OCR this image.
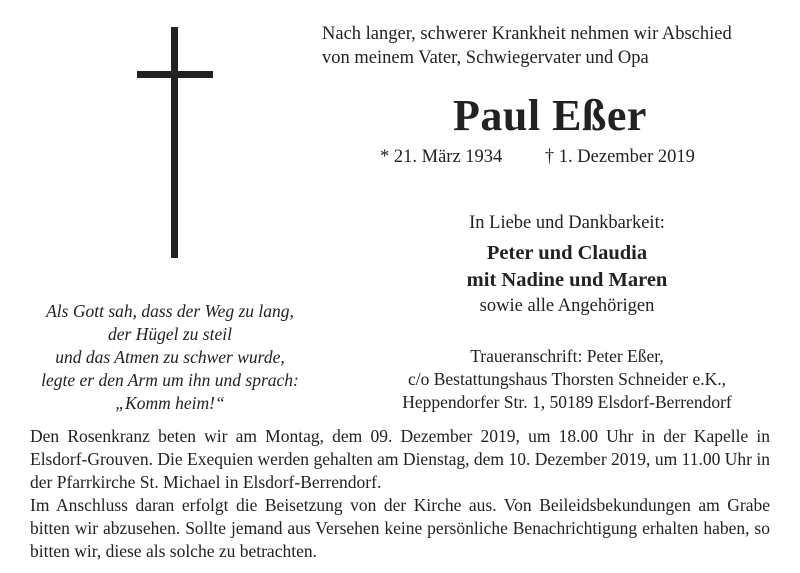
Nach langer, schwerer Krankheit nehmen wir Abschied
von meinem Vater, Schwiegervater und Opa
Paul Eßer
* 21. März 1934 † 1. Dezember 2019
In Liebe und Dankbarkeit:
Peter und Claudia
mit Nadine und Maren
sowie alle Angehörigen
Als Gott sah, dass der Weg zu lang,
der Hügel zu steil
und das Atmen zu schwer wurde,
legte er den Arm um ihn und sprach:
„Komm heim!“
Traueranschrift: Peter Eßer,
c/o Bestattungshaus Thorsten Schneider e.K.,
Heppendorfer Str. 1, 50189 Elsdorf-Berrendorf

Den Rosenkranz beten wir am Montag, dem 09. Dezember 2019, um 18.00 Uhr in der Kapelle in Elsdorf-Grouven. Die Exequien werden gehalten am Dienstag, dem 10. Dezember 2019, um 11.00 Uhr in der Pfarrkirche St. Michael in Elsdorf-Berrendorf.

Im Anschluss daran erfolgt die Beisetzung von der Kirche aus. Von Beileidsbekundungen am Grabe bitten wir abzusehen. Sollte jemand aus Versehen keine persönliche Benachrichtigung erhalten haben, so bitten wir, diese als solche zu betrachten.
